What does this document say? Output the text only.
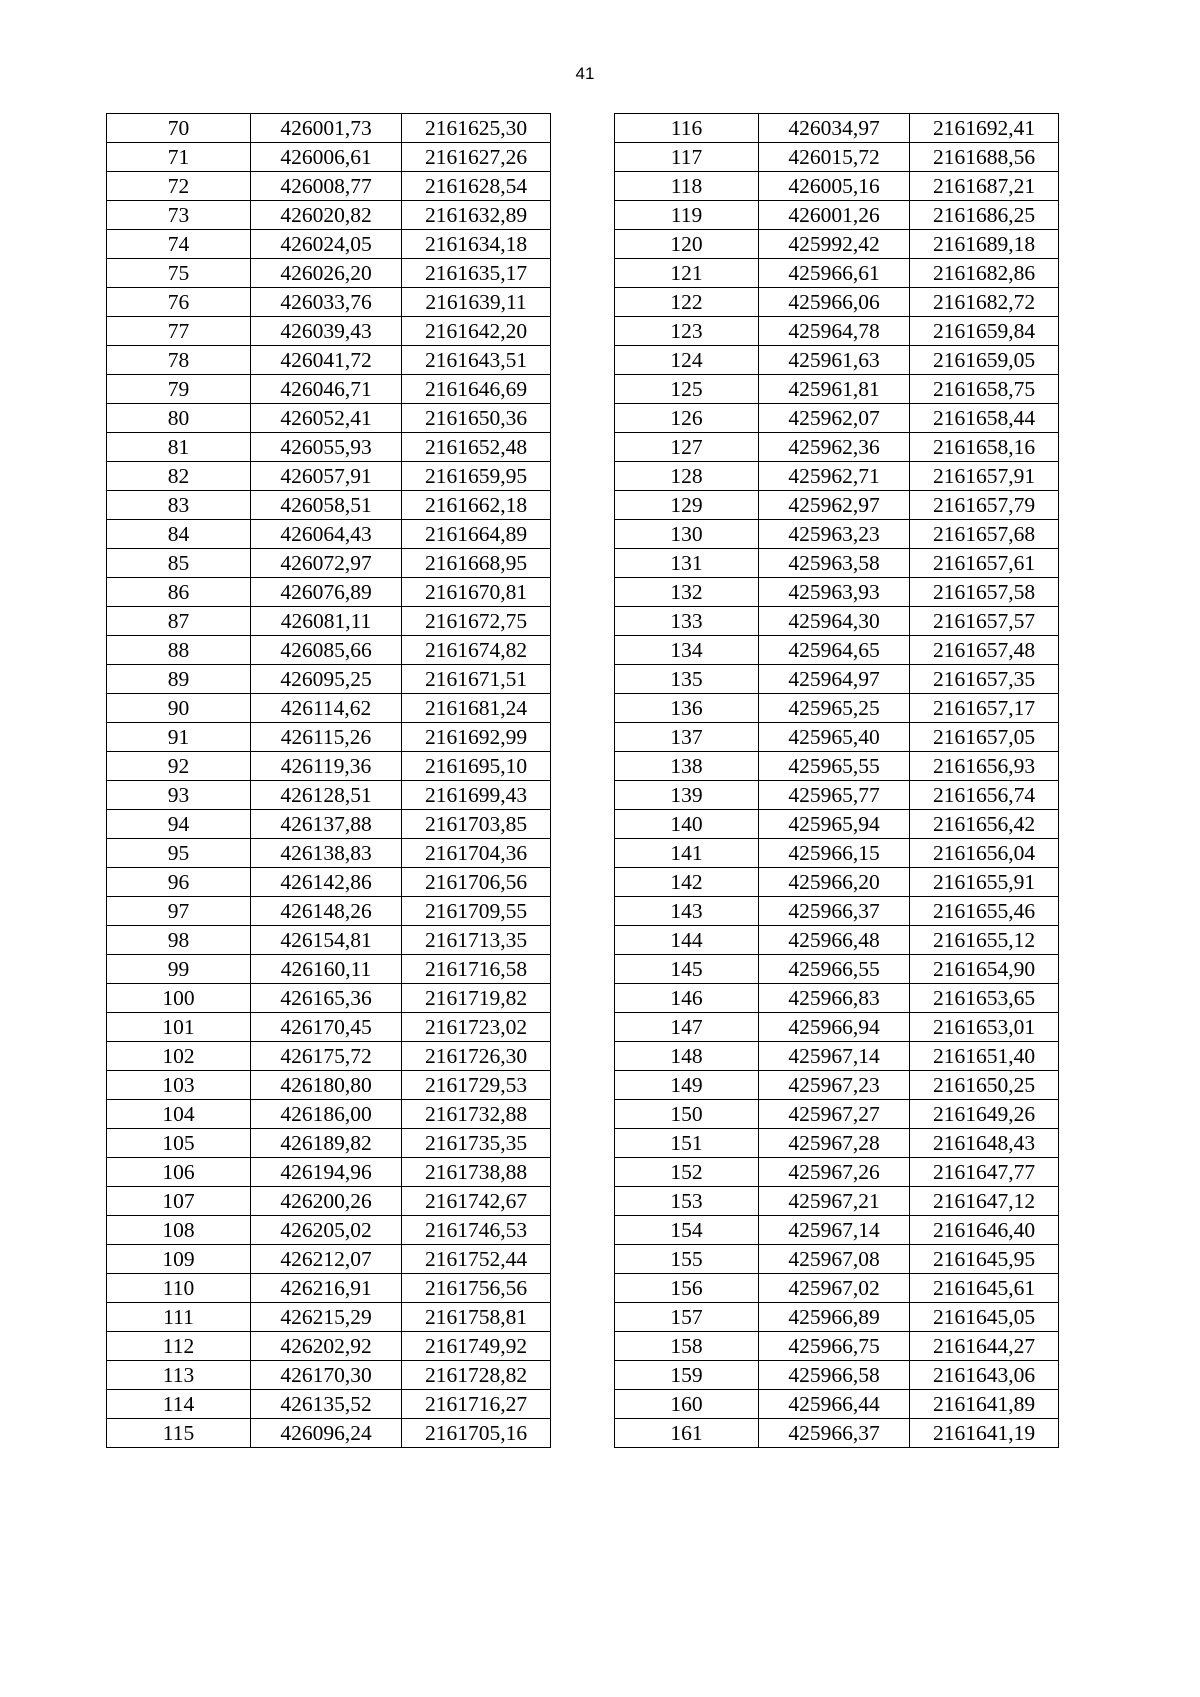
41
70	426001,73	2161625,30
71	426006,61	2161627,26
72	426008,77	2161628,54
73	426020,82	2161632,89
74	426024,05	2161634,18
75	426026,20	2161635,17
76	426033,76	2161639,11
77	426039,43	2161642,20
78	426041,72	2161643,51
79	426046,71	2161646,69
80	426052,41	2161650,36
81	426055,93	2161652,48
82	426057,91	2161659,95
83	426058,51	2161662,18
84	426064,43	2161664,89
85	426072,97	2161668,95
86	426076,89	2161670,81
87	426081,11	2161672,75
88	426085,66	2161674,82
89	426095,25	2161671,51
90	426114,62	2161681,24
91	426115,26	2161692,99
92	426119,36	2161695,10
93	426128,51	2161699,43
94	426137,88	2161703,85
95	426138,83	2161704,36
96	426142,86	2161706,56
97	426148,26	2161709,55
98	426154,81	2161713,35
99	426160,11	2161716,58
100	426165,36	2161719,82
101	426170,45	2161723,02
102	426175,72	2161726,30
103	426180,80	2161729,53
104	426186,00	2161732,88
105	426189,82	2161735,35
106	426194,96	2161738,88
107	426200,26	2161742,67
108	426205,02	2161746,53
109	426212,07	2161752,44
110	426216,91	2161756,56
111	426215,29	2161758,81
112	426202,92	2161749,92
113	426170,30	2161728,82
114	426135,52	2161716,27
115	426096,24	2161705,16
116	426034,97	2161692,41
117	426015,72	2161688,56
118	426005,16	2161687,21
119	426001,26	2161686,25
120	425992,42	2161689,18
121	425966,61	2161682,86
122	425966,06	2161682,72
123	425964,78	2161659,84
124	425961,63	2161659,05
125	425961,81	2161658,75
126	425962,07	2161658,44
127	425962,36	2161658,16
128	425962,71	2161657,91
129	425962,97	2161657,79
130	425963,23	2161657,68
131	425963,58	2161657,61
132	425963,93	2161657,58
133	425964,30	2161657,57
134	425964,65	2161657,48
135	425964,97	2161657,35
136	425965,25	2161657,17
137	425965,40	2161657,05
138	425965,55	2161656,93
139	425965,77	2161656,74
140	425965,94	2161656,42
141	425966,15	2161656,04
142	425966,20	2161655,91
143	425966,37	2161655,46
144	425966,48	2161655,12
145	425966,55	2161654,90
146	425966,83	2161653,65
147	425966,94	2161653,01
148	425967,14	2161651,40
149	425967,23	2161650,25
150	425967,27	2161649,26
151	425967,28	2161648,43
152	425967,26	2161647,77
153	425967,21	2161647,12
154	425967,14	2161646,40
155	425967,08	2161645,95
156	425967,02	2161645,61
157	425966,89	2161645,05
158	425966,75	2161644,27
159	425966,58	2161643,06
160	425966,44	2161641,89
161	425966,37	2161641,19
